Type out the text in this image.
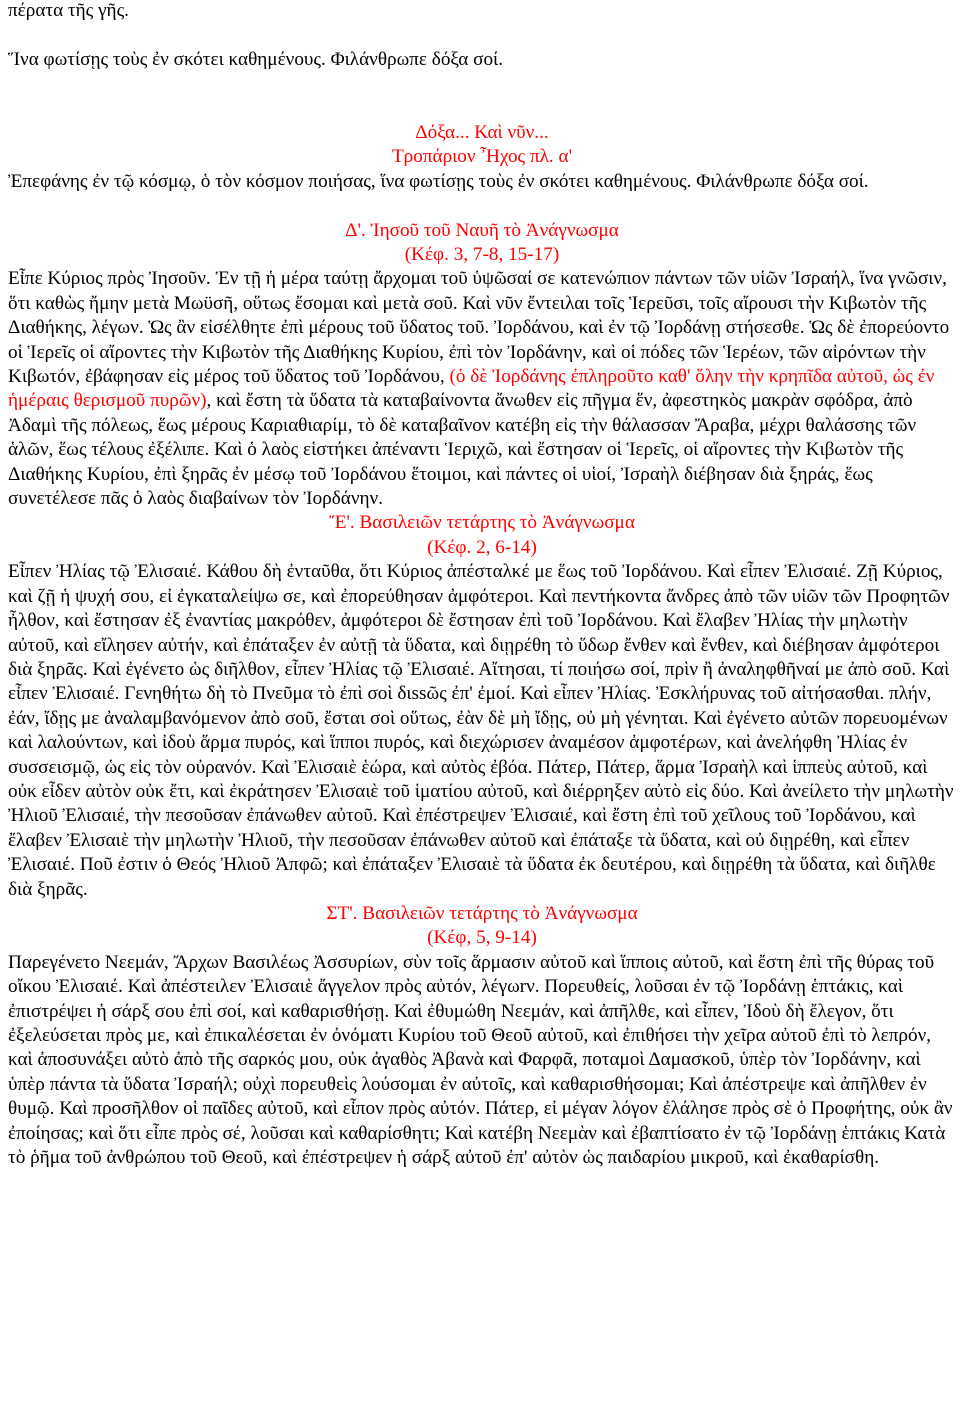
πέρατα τῆς γῆς.
Ἵνα φωτίσῃς τοὺς ἐν σκότει καθημένους. Φιλάνθρωπε δόξα σοί.
Δόξα... Καὶ νῦν...
Τροπάριον Ἦχος πλ. α'
Ἐπεφάνης ἐν τῷ κόσμῳ, ὁ τὸν κόσμον ποιήσας, ἵνα φωτίσῃς τοὺς ἐν σκότει καθημένους. Φιλάνθρωπε δόξα σοί.
Δ'. Ἰησοῦ τοῦ Ναυῆ τὸ Ἀνάγνωσμα
(Κέφ. 3, 7-8, 15-17)
Εἶπε Κύριος πρὸς Ἰησοῦν. Ἐν τῇ ἡ μέρα ταύτῃ ἄρχομαι τοῦ ὑψῶσαί σε κατενώπιον πάντων τῶν υἱῶν Ἰσραήλ, ἵνα γνῶσιν, ὅτι καθὼς ἤμην μετὰ Μωϋσῆ, οὕτως ἔσομαι καὶ μετὰ σοῦ. Καὶ νῦν ἔντειλαι τοῖς Ἱερεῦσι, τοῖς αἴρουσι τὴν Κιβωτὸν τῆς Διαθήκης, λέγων. Ὡς ἂν εἰσέλθητε ἐπὶ μέρους τοῦ ὕδατος τοῦ. Ἰορδάνου, καὶ ἐν τῷ Ἰορδάνῃ στήσεσθε. Ὡς δὲ ἐπορεύοντο οἱ Ἱερεῖς οἱ αἴροντες τὴν Κιβωτὸν τῆς Διαθήκης Κυρίου, ἐπὶ τὸν Ἰορδάνην, καὶ οἱ πόδες τῶν Ἱερέων, τῶν αἰρόντων τὴν Κιβωτόν, ἐβάφησαν εἰς μέρος τοῦ ὕδατος τοῦ Ἰορδάνου, (ὁ δὲ Ἰορδάνης ἐπληροῦτο καθ' ὅλην τὴν κρηπῖδα αὐτοῦ, ὡς ἐν ἡμέραις θερισμοῦ πυρῶν), καὶ ἔστη τὰ ὕδατα τὰ καταβαίνοντα ἄνωθεν εἰς πῆγμα ἕν, ἀφεστηκὸς μακρὰν σφόδρα, ἀπὸ Ἀδαμὶ τῆς πόλεως, ἕως μέρους Καριαθιαρίμ, τὸ δὲ καταβαῖνον κατέβη εἰς τὴν θάλασσαν Ἄραβα, μέχρι θαλάσσης τῶν ἁλῶν, ἕως τέλους ἐξέλιπε. Καὶ ὁ λαὸς εἱστήκει ἀπέναντι Ἱεριχῶ, καὶ ἔστησαν οἱ Ἱερεῖς, οἱ αἴροντες τὴν Κιβωτὸν τῆς Διαθήκης Κυρίου, ἐπὶ ξηρᾶς ἐν μέσῳ τοῦ Ἰορδάνου ἕτοιμοι, καὶ πάντες οἱ υἱοί, Ἰσραὴλ διέβησαν διὰ ξηράς, ἕως συνετέλεσε πᾶς ὁ λαὸς διαβαίνων τὸν Ἰορδάνην.
Ἔ'. Βασιλειῶν τετάρτης τὸ Ἀνάγνωσμα
(Κέφ. 2, 6-14)
Εἶπεν Ἠλίας τῷ Ἐλισαιέ. Κάθου δὴ ἐνταῦθα, ὅτι Κύριος ἀπέσταλκέ με ἕως τοῦ Ἰορδάνου. Καὶ εἶπεν Ἐλισαιέ. Ζῇ Κύριος, καὶ ζῇ ἡ ψυχή σου, εἰ ἐγκαταλείψω σε, καὶ ἐπορεύθησαν ἀμφότεροι. Καὶ πεντήκοντα ἄνδρες ἀπὸ τῶν υἱῶν τῶν Προφητῶν ἦλθον, καὶ ἔστησαν ἐξ ἐναντίας μακρόθεν, ἀμφότεροι δὲ ἔστησαν ἐπὶ τοῦ Ἰορδάνου. Καὶ ἔλαβεν Ἠλίας τὴν μηλωτὴν αὐτοῦ, καὶ εἴλησεν αὐτήν, καὶ ἐπάταξεν ἐν αὐτῇ τὰ ὕδατα, καὶ διῃρέθη τὸ ὕδωρ ἔνθεν καὶ ἔνθεν, καὶ διέβησαν ἀμφότεροι διὰ ξηρᾶς. Καὶ ἐγένετο ὡς διῆλθον, εἶπεν Ἠλίας τῷ Ἐλισαιέ. Αἴτησαι, τί ποιήσω σοί, πρὶν ἢ ἀναληφθῆναί με ἀπὸ σοῦ. Καὶ εἶπεν Ἐλισαιέ. Γενηθήτω δὴ τὸ Πνεῦμα τὸ ἐπὶ σοὶ διssῶς ἐπ' ἐμοί. Καὶ εἶπεν Ἠλίας. Ἐσκλήρυνας τοῦ αἰτήσασθαι. πλήν, ἐάν, ἴδῃς με ἀναλαμβανόμενον ἀπὸ σοῦ, ἔσται σοὶ οὕτως, ἐὰν δὲ μὴ ἴδῃς, οὐ μὴ γένηται. Καὶ ἐγένετο αὐτῶν πορευομένων καὶ λαλούντων, καὶ ἰδοὺ ἅρμα πυρός, καὶ ἵπποι πυρός, καὶ διεχώρισεν ἀναμέσον ἀμφοτέρων, καὶ ἀνελήφθη Ἠλίας ἐν συσσεισμῷ, ὡς εἰς τὸν οὐρανόν. Καὶ Ἐλισαιὲ ἑώρα, καὶ αὐτὸς ἐβόα. Πάτερ, Πάτερ, ἅρμα Ἰσραὴλ καὶ ἱππεὺς αὐτοῦ, καὶ οὐκ εἶδεν αὐτὸν οὐκ ἔτι, καὶ ἐκράτησεν Ἐλισαιὲ τοῦ ἱματίου αὐτοῦ, καὶ διέρρηξεν αὐτὸ εἰς δύο. Καὶ ἀνείλετο τὴν μηλωτὴν Ἠλιοῦ Ἐλισαιέ, τὴν πεσοῦσαν ἐπάνωθεν αὐτοῦ. Καὶ ἐπέστρεψεν Ἐλισαιέ, καὶ ἔστη ἐπὶ τοῦ χεῖλους τοῦ Ἰορδάνου, καὶ ἔλαβεν Ἐλισαιὲ τὴν μηλωτὴν Ἠλιοῦ, τὴν πεσοῦσαν ἐπάνωθεν αὐτοῦ καὶ ἐπάταξε τὰ ὕδατα, καὶ οὐ διῃρέθη, καὶ εἶπεν Ἐλισαιέ. Ποῦ ἐστιν ὁ Θεός Ἠλιοῦ Ἀπφῶ; καὶ ἐπάταξεν Ἐλισαιὲ τὰ ὕδατα ἐκ δευτέρου, καὶ διῃρέθη τὰ ὕδατα, καὶ διῆλθε διὰ ξηρᾶς.
ΣΤ'. Βασιλειῶν τετάρτης τὸ Ἀνάγνωσμα
(Κέφ, 5, 9-14)
Παρεγένετο Νεεμάν, Ἄρχων Βασιλέως Ἀσσυρίων, σὺν τοῖς ἅρμασιν αὐτοῦ καὶ ἵπποις αὐτοῦ, καὶ ἔστη ἐπὶ τῆς θύρας τοῦ οἴκου Ἐλισαιέ. Καὶ ἀπέστειλεν Ἐλισαιὲ ἄγγελον πρὸς αὐτόν, λέγωrν. Πορευθείς, λοῦσαι ἐν τῷ Ἰορδάνῃ ἑπτάκις, καὶ ἐπιστρέψει ἡ σάρξ σου ἐπὶ σοί, καὶ καθαρισθήσῃ. Καὶ ἐθυμώθη Νεεμάν, καὶ ἀπῆλθε, καὶ εἶπεν, Ἰδοὺ δὴ ἔλεγον, ὅτι ἐξελεύσεται πρὸς με, καὶ ἐπικαλέσεται ἐν ὀνόματι Κυρίου τοῦ Θεοῦ αὐτοῦ, καὶ ἐπιθήσει τὴν χεῖρα αὐτοῦ ἐπὶ τὸ λεπρόν, καὶ ἀποσυνάξει αὐτὸ ἀπὸ τῆς σαρκός μου, οὐκ ἀγαθὸς Ἀβανὰ καὶ Φαρφᾶ, ποταμοὶ Δαμασκοῦ, ὑπὲρ τὸν Ἰορδάνην, καὶ ὑπὲρ πάντα τὰ ὕδατα Ἰσραήλ; οὐχὶ πορευθεὶς λούσομαι ἐν αὐτοῖς, καὶ καθαρισθήσομαι; Καὶ ἀπέστρεψε καὶ ἀπῆλθεν ἐν θυμῷ. Καὶ προσῆλθον οἱ παῖδες αὐτοῦ, καὶ εἶπον πρὸς αὐτόν. Πάτερ, εἰ μέγαν λόγον ἐλάλησε πρὸς σὲ ὁ Προφήτης, οὐκ ἂν ἐποίησας; καὶ ὅτι εἶπε πρὸς σέ, λοῦσαι καὶ καθαρίσθητι; Καὶ κατέβη Νεεμὰν καὶ ἐβαπτίσατο ἐν τῷ Ἰορδάνῃ ἑπτάκις Κατὰ τὸ ῥῆμα τοῦ ἀνθρώπου τοῦ Θεοῦ, καὶ ἐπέστρεψεν ἡ σάρξ αὐτοῦ ἐπ' αὐτὸν ὡς παιδαρίου μικροῦ, καὶ ἐκαθαρίσθη.
